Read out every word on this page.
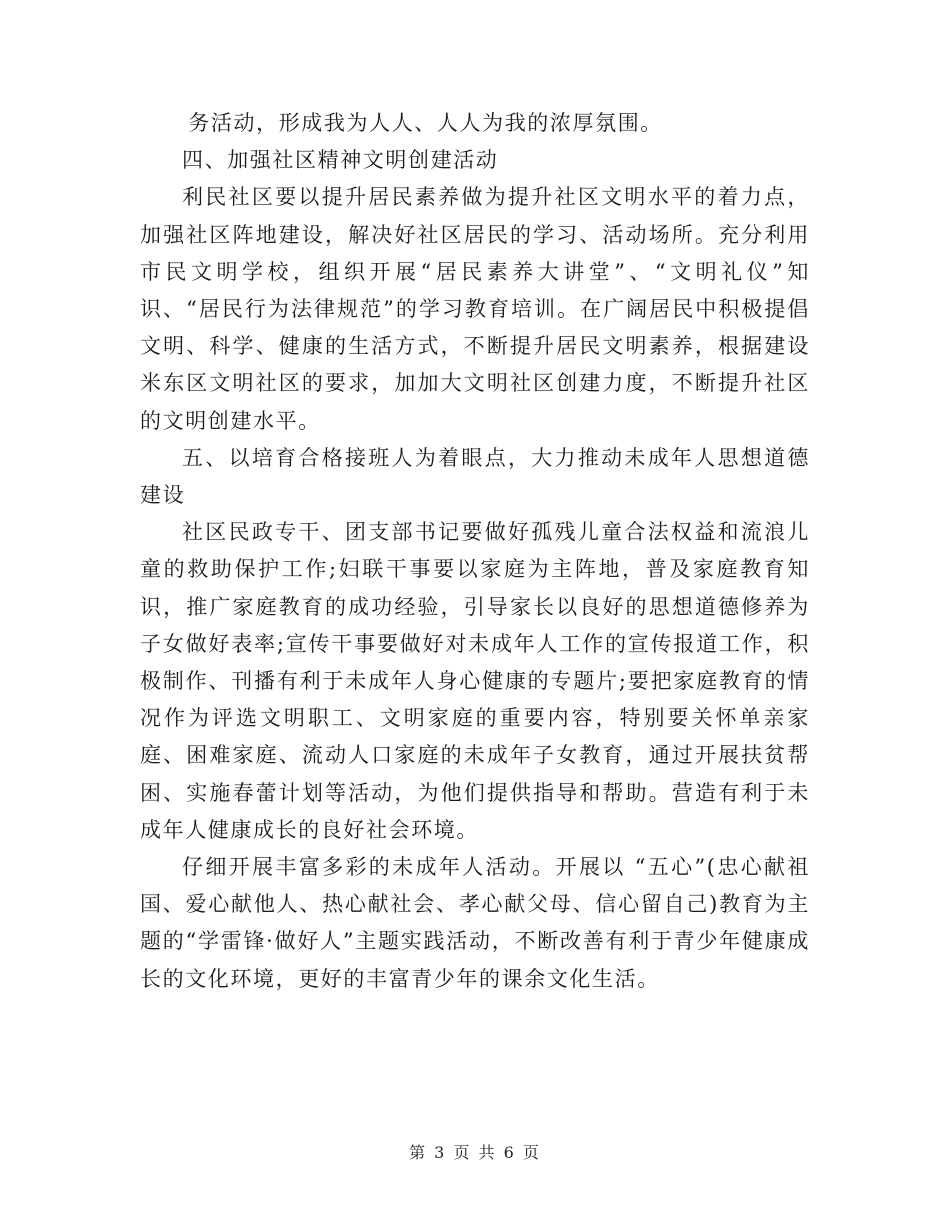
务活动，形成我为人人、人人为我的浓厚氛围。

四、加强社区精神文明创建活动

利民社区要以提升居民素养做为提升社区文明水平的着力点，加强社区阵地建设，解决好社区居民的学习、活动场所。充分利用市民文明学校，组织开展“居民素养大讲堂”、“文明礼仪”知识、“居民行为法律规范”的学习教育培训。在广阔居民中积极提倡文明、科学、健康的生活方式，不断提升居民文明素养，根据建设米东区文明社区的要求，加加大文明社区创建力度，不断提升社区的文明创建水平。

五、以培育合格接班人为着眼点，大力推动未成年人思想道德建设

社区民政专干、团支部书记要做好孤残儿童合法权益和流浪儿童的救助保护工作;妇联干事要以家庭为主阵地，普及家庭教育知识，推广家庭教育的成功经验，引导家长以良好的思想道德修养为子女做好表率;宣传干事要做好对未成年人工作的宣传报道工作，积极制作、刊播有利于未成年人身心健康的专题片;要把家庭教育的情况作为评选文明职工、文明家庭的重要内容，特别要关怀单亲家庭、困难家庭、流动人口家庭的未成年子女教育，通过开展扶贫帮困、实施春蕾计划等活动，为他们提供指导和帮助。营造有利于未成年人健康成长的良好社会环境。

仔细开展丰富多彩的未成年人活动。开展以 “五心”(忠心献祖国、爱心献他人、热心献社会、孝心献父母、信心留自己)教育为主题的“学雷锋·做好人”主题实践活动，不断改善有利于青少年健康成长的文化环境，更好的丰富青少年的课余文化生活。

第 3 页 共 6 页
